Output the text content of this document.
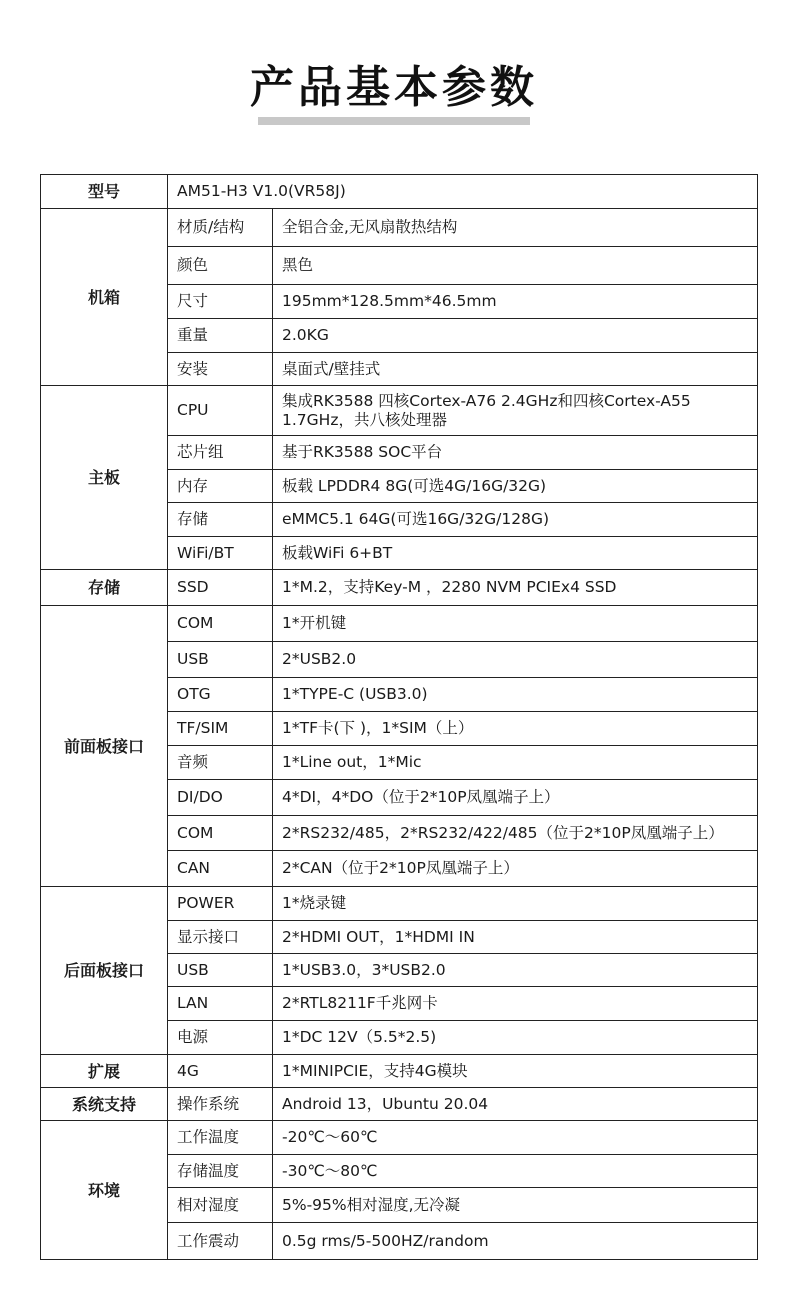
产品基本参数
型号	AM51-H3 V1.0(VR58J)	
机箱	材质/结构	全铝合金,无风扇散热结构
	颜色	黑色
	尺寸	195mm*128.5mm*46.5mm
	重量	2.0KG
	安装	桌面式/壁挂式
主板	CPU	集成RK3588 四核Cortex-A76 2.4GHz和四核Cortex-A55 1.7GHz，共八核处理器
	芯片组	基于RK3588 SOC平台
	内存	板载 LPDDR4 8G(可选4G/16G/32G)
	存储	eMMC5.1 64G(可选16G/32G/128G)
	WiFi/BT	板载WiFi 6+BT
存储	SSD	1*M.2，支持Key-M ，2280 NVM PCIEx4 SSD
前面板接口	COM	1*开机键
	USB	2*USB2.0
	OTG	1*TYPE-C (USB3.0)
	TF/SIM	1*TF卡(下 )，1*SIM（上）
	音频	1*Line out，1*Mic
	DI/DO	4*DI，4*DO（位于2*10P凤凰端子上）
	COM	2*RS232/485，2*RS232/422/485（位于2*10P凤凰端子上）
	CAN	2*CAN（位于2*10P凤凰端子上）
后面板接口	POWER	1*烧录键
	显示接口	2*HDMI OUT，1*HDMI IN
	USB	1*USB3.0，3*USB2.0
	LAN	2*RTL8211F千兆网卡
	电源	1*DC 12V（5.5*2.5)
扩展	4G	1*MINIPCIE，支持4G模块
系统支持	操作系统	Android 13，Ubuntu 20.04
环境	工作温度	-20℃～60℃
	存储温度	-30℃～80℃
	相对湿度	5%-95%相对湿度,无冷凝
	工作震动	0.5g rms/5-500HZ/random
